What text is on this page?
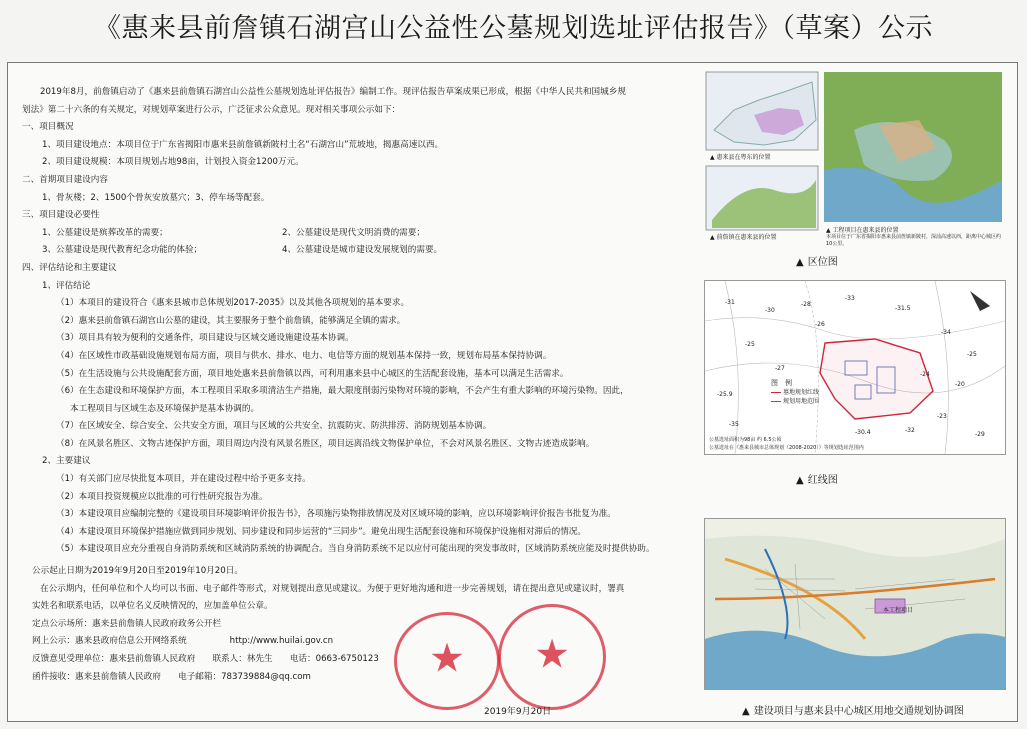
《惠来县前詹镇石湖宫山公益性公墓规划选址评估报告》（草案）公示

2019年8月，前詹镇启动了《惠来县前詹镇石湖宫山公益性公墓规划选址评估报告》编制工作。现评估报告草案成果已形成，根据《中华人民共和国城乡规

划法》第二十六条的有关规定，对规划草案进行公示，广泛征求公众意见。现对相关事项公示如下：

一、项目概况

1、项目建设地点：本项目位于广东省揭阳市惠来县前詹镇新陂村土名“石湖宫山”荒坡地，揭惠高速以西。

2、项目建设规模：本项目规划占地98亩，计划投入资金1200万元。

二、首期项目建设内容

1、骨灰楼；2、1500个骨灰安放墓穴；3、停车场等配套。

三、项目建设必要性

1、公墓建设是殡葬改革的需要；	2、公墓建设是现代文明消费的需要；

3、公墓建设是现代教育纪念功能的体验；	4、公墓建设是城市建设发展规划的需要。

四、评估结论和主要建议

1、评估结论

（1）本项目的建设符合《惠来县城市总体规划2017-2035》以及其他各项规划的基本要求。

（2）惠来县前詹镇石湖宫山公墓的建设，其主要服务于整个前詹镇，能够满足全镇的需求。

（3）项目具有较为便利的交通条件，项目建设与区域交通设施建设基本协调。

（4）在区域性市政基础设施规划布局方面，项目与供水、排水、电力、电信等方面的规划基本保持一致，规划布局基本保持协调。

（5）在生活设施与公共设施配套方面，项目地处惠来县前詹镇以西，可利用惠来县中心城区的生活配套设施，基本可以满足生活需求。

（6）在生态建设和环境保护方面，本工程项目采取多项清洁生产措施，最大限度削弱污染物对环境的影响，不会产生有重大影响的环境污染物。因此，

本工程项目与区域生态及环境保护是基本协调的。

（7）在区域安全、综合安全、公共安全方面，项目与区域的公共安全、抗震防灾、防洪排涝、消防规划基本协调。

（8）在风景名胜区、文物古迹保护方面，项目周边内没有风景名胜区，项目远离沿线文物保护单位，不会对风景名胜区、文物古迹造成影响。

2、主要建议

（1）有关部门应尽快批复本项目，并在建设过程中给予更多支持。

（2）本项目投资规模应以批准的可行性研究报告为准。

（3）本建设项目应编制完整的《建设项目环境影响评价报告书》，各项施污染物排放情况及对区域环境的影响，应以环境影响评价报告书批复为准。

（4）本建设项目环境保护措施应做到同步规划、同步建设和同步运营的“三同步”。避免出现生活配套设施和环境保护设施相对滞后的情况。

（5）本建设项目应充分重视自身消防系统和区域消防系统的协调配合。当自身消防系统不足以应付可能出现的突发事故时，区域消防系统应能及时提供协助。

公示起止日期为2019年9月20日至2019年10月20日。

在公示期内，任何单位和个人均可以书面、电子邮件等形式，对规划提出意见或建议。为便于更好地沟通和进一步完善规划，请在提出意见或建议时，署真

实姓名和联系电话，以单位名义反映情况的，应加盖单位公章。

定点公示场所：惠来县前詹镇人民政府政务公开栏

网上公示：惠来县政府信息公开网络系统　　　　　http://www.huilai.gov.cn

反馈意见受理单位：惠来县前詹镇人民政府　　联系人：林先生　　电话：0663-6750123

函件接收：惠来县前詹镇人民政府　　电子邮箱：783739884@qq.com	★ ★
2019年9月20日
▲ 惠来县在粤东的位置
▲ 前詹镇在惠来县的位置
▲ 工程项目在惠来县的位置
本项目位于广东省揭阳市惠来县前詹镇新陂村，深汕高速以西，距离中心城区约10公里。
▲ 区位图
-31
-30
-25
-28
-33
-31.5
-34
-25
-20
-27
-25.9
-23
-32
-30.4	-29
-26
-24
-35
图　例
墓地规划红线
规划用地范围
公墓选址面积为98亩 约 6.5公顷
公墓选址在《惠来县城市总体规划（2008-2020）》等规划选址范围内
▲ 红线图
本工程项目
▲ 建设项目与惠来县中心城区用地交通规划协调图
